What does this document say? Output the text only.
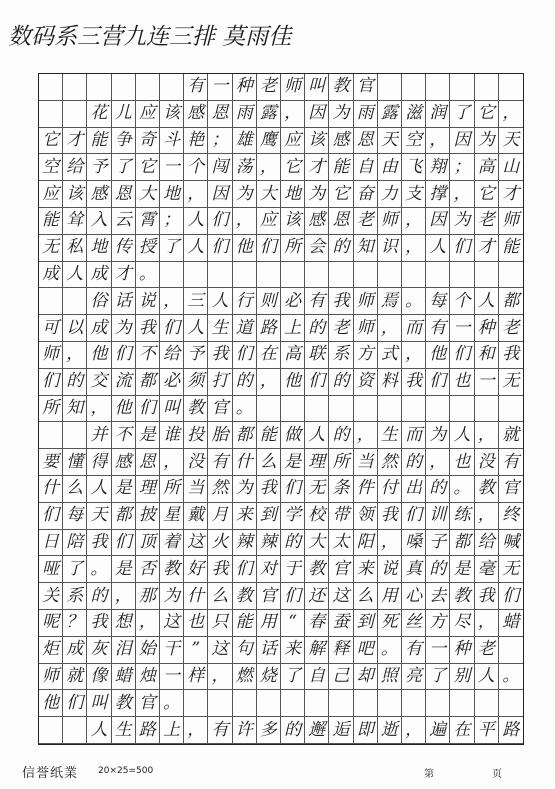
数码系三营九连三排 莫雨佳
有 一 种 老 师 叫 教 官
花 儿 应 该 感 恩 雨 露 ， 因 为 雨 露 滋 润 了 它 ，
它 才 能 争 奇 斗 艳 ； 雄 鹰 应 该 感 恩 天 空 ， 因 为 天
空 给 予 了 它 一 个 闯 荡 ， 它 才 能 自 由 飞 翔 ； 高 山
应 该 感 恩 大 地 ， 因 为 大 地 为 它 奋 力 支 撑 ， 它 才
能 耸 入 云 霄 ； 人 们 ， 应 该 感 恩 老 师 ， 因 为 老 师
无 私 地 传 授 了 人 们 他 们 所 会 的 知 识 ， 人 们 才 能
成 人 成 才 。
俗 话 说 ， 三 人 行 则 必 有 我 师 焉 。 每 个 人 都
可 以 成 为 我 们 人 生 道 路 上 的 老 师 ， 而 有 一 种 老
师 ， 他 们 不 给 予 我 们 在 高 联 系 方 式 ， 他 们 和 我
们 的 交 流 都 必 须 打 的 ， 他 们 的 资 料 我 们 也 一 无
所 知 ， 他 们 叫 教 官 。
并 不 是 谁 投 胎 都 能 做 人 的 ， 生 而 为 人 ， 就
要 懂 得 感 恩 ， 没 有 什 么 是 理 所 当 然 的 ， 也 没 有
什 么 人 是 理 所 当 然 为 我 们 无 条 件 付 出 的 。 教 官
们 每 天 都 披 星 戴 月 来 到 学 校 带 领 我 们 训 练 ， 终
日 陪 我 们 顶 着 这 火 辣 辣 的 大 太 阳 ， 嗓 子 都 给 喊
哑 了 。 是 否 教 好 我 们 对 于 教 官 来 说 真 的 是 毫 无
关 系 的 ， 那 为 什 么 教 官 们 还 这 么 用 心 去 教 我 们
呢 ？ 我 想 ， 这 也 只 能 用 “ 春 蚕 到 死 丝 方 尽 ， 蜡
炬 成 灰 泪 始 干 ” 这 句 话 来 解 释 吧 。 有 一 种 老
师 就 像 蜡 烛 一 样 ， 燃 烧 了 自 己 却 照 亮 了 别 人 。
他 们 叫 教 官 。
人 生 路 上 ， 有 许 多 的 邂 逅 即 逝 ， 遍 在 平 路
信誉纸業 20×25=500	第	页
